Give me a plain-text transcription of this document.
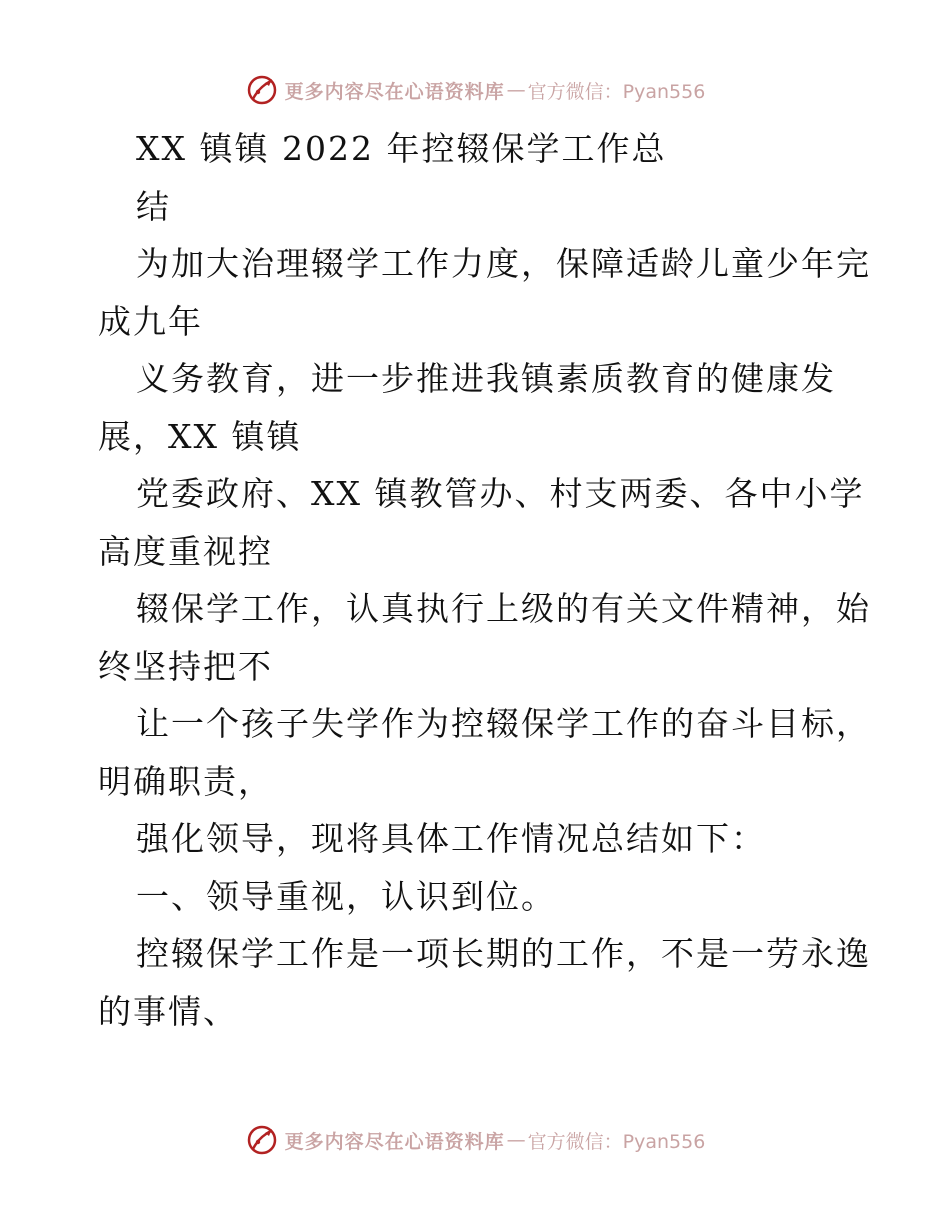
更多内容尽在心语资料库 — 官方微信：Pyan556
XX 镇镇 2022 年控辍保学工作总
结
为加大治理辍学工作力度，保障适龄儿童少年完
成九年
义务教育，进一步推进我镇素质教育的健康发
展，XX 镇镇
党委政府、XX 镇教管办、村支两委、各中小学
高度重视控
辍保学工作，认真执行上级的有关文件精神，始
终坚持把不
让一个孩子失学作为控辍保学工作的奋斗目标，
明确职责，
强化领导，现将具体工作情况总结如下：
一、领导重视，认识到位。
控辍保学工作是一项长期的工作，不是一劳永逸
的事情、
更多内容尽在心语资料库 — 官方微信：Pyan556
